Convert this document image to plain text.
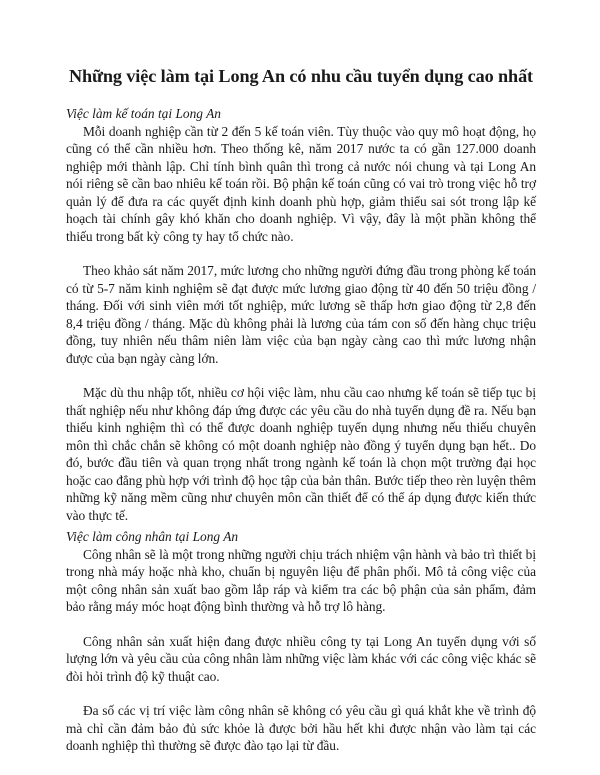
Những việc làm tại Long An có nhu cầu tuyển dụng cao nhất

Việc làm kế toán tại Long An

Mỗi doanh nghiệp cần từ 2 đến 5 kế toán viên. Tùy thuộc vào quy mô hoạt động, họ cũng có thể cần nhiều hơn. Theo thống kê, năm 2017 nước ta có gần 127.000 doanh nghiệp mới thành lập. Chỉ tính bình quân thì trong cả nước nói chung và tại Long An nói riêng sẽ cần bao nhiêu kế toán rồi. Bộ phận kế toán cũng có vai trò trong việc hỗ trợ quản lý để đưa ra các quyết định kinh doanh phù hợp, giảm thiểu sai sót trong lập kế hoạch tài chính gây khó khăn cho doanh nghiệp. Vì vậy, đây là một phần không thể thiếu trong bất kỳ công ty hay tổ chức nào.

Theo khảo sát năm 2017, mức lương cho những người đứng đầu trong phòng kế toán có từ 5-7 năm kinh nghiệm sẽ đạt được mức lương giao động từ 40 đến 50 triệu đồng / tháng. Đối với sinh viên mới tốt nghiệp, mức lương sẽ thấp hơn giao động từ 2,8 đến 8,4 triệu đồng / tháng. Mặc dù không phải là lương của tám con số đến hàng chục triệu đồng, tuy nhiên nếu thâm niên làm việc của bạn ngày càng cao thì mức lương nhận được của bạn ngày càng lớn.

Mặc dù thu nhập tốt, nhiều cơ hội việc làm, nhu cầu cao nhưng kế toán sẽ tiếp tục bị thất nghiệp nếu như không đáp ứng được các yêu cầu do nhà tuyển dụng đề ra. Nếu bạn thiếu kinh nghiệm thì có thể được doanh nghiệp tuyển dụng nhưng nếu thiếu chuyên môn thì chắc chắn sẽ không có một doanh nghiệp nào đồng ý tuyển dụng bạn hết.. Do đó, bước đầu tiên và quan trọng nhất trong ngành kế toán là chọn một trường đại học hoặc cao đẳng phù hợp với trình độ học tập của bản thân. Bước tiếp theo rèn luyện thêm những kỹ năng mềm cũng như chuyên môn cần thiết để có thể áp dụng được kiến thức vào thực tế.

Việc làm công nhân tại Long An

Công nhân sẽ là một trong những người chịu trách nhiệm vận hành và bảo trì thiết bị trong nhà máy hoặc nhà kho, chuẩn bị nguyên liệu để phân phối. Mô tả công việc của một công nhân sản xuất bao gồm lắp ráp và kiểm tra các bộ phận của sản phẩm, đảm bảo rằng máy móc hoạt động bình thường và hỗ trợ lô hàng.

Công nhân sản xuất hiện đang được nhiều công ty tại Long An tuyển dụng với số lượng lớn và yêu cầu của công nhân làm những việc làm khác với các công việc khác sẽ đòi hỏi trình độ kỹ thuật cao.

Đa số các vị trí việc làm công nhân sẽ không có yêu cầu gì quá khắt khe về trình độ mà chỉ cần đảm bảo đủ sức khỏe là được bởi hầu hết khi được nhận vào làm tại các doanh nghiệp thì thường sẽ được đào tạo lại từ đầu.
